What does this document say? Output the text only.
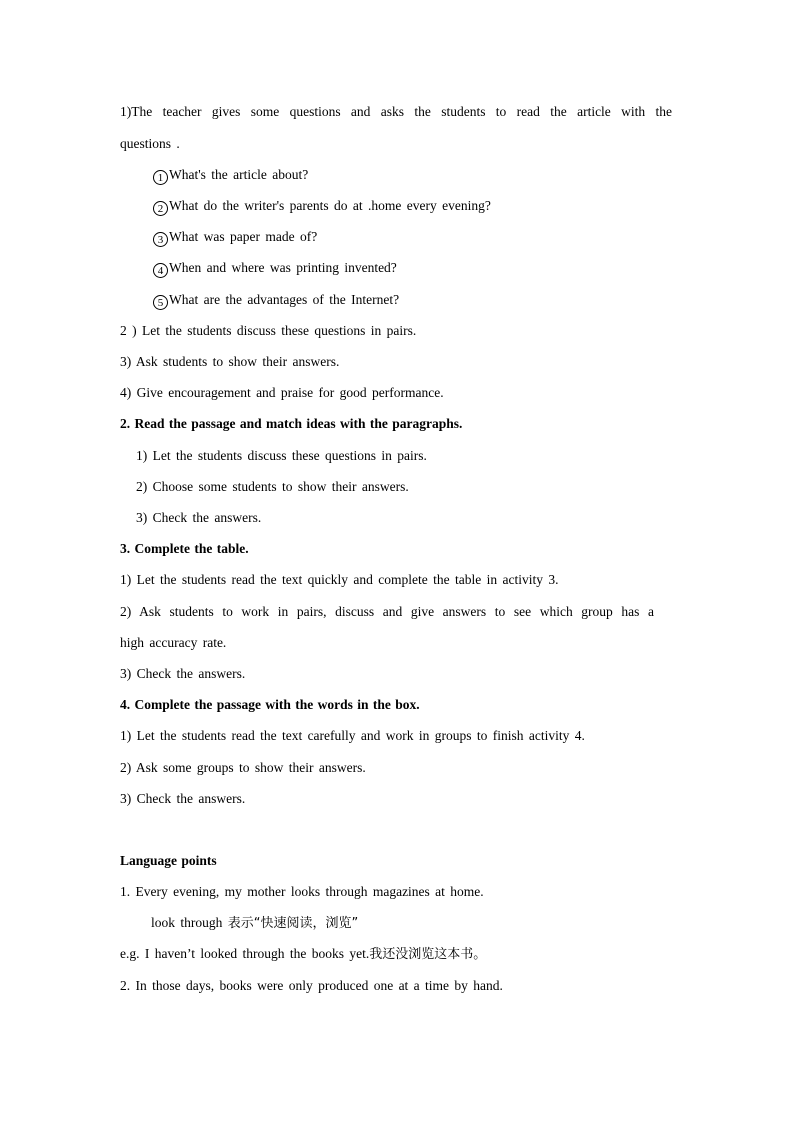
1)The teacher gives some questions and asks the students to read the article with the
questions .
1 What's the article about?
2 What do the writer's parents do at .home every evening?
3 What was paper made of?
4 When and where was printing invented?
5 What are the advantages of the Internet?
2 ) Let the students discuss these questions in pairs.
3) Ask students to show their answers.
4) Give encouragement and praise for good performance.
2. Read the passage and match ideas with the paragraphs.
1) Let the students discuss these questions in pairs.
2) Choose some students to show their answers.
3) Check the answers.
3. Complete the table.
1) Let the students read the text quickly and complete the table in activity 3.
2) Ask students to work in pairs, discuss and give answers to see which group has a
high accuracy rate.
3) Check the answers.
4. Complete the passage with the words in the box.
1) Let the students read the text carefully and work in groups to finish activity 4.
2) Ask some groups to show their answers.
3) Check the answers.
Language points
1. Every evening, my mother looks through magazines at home.
look through 表示“快速阅读，浏览”
e.g. I haven’t looked through the books yet.我还没浏览这本书。
2. In those days, books were only produced one at a time by hand.
